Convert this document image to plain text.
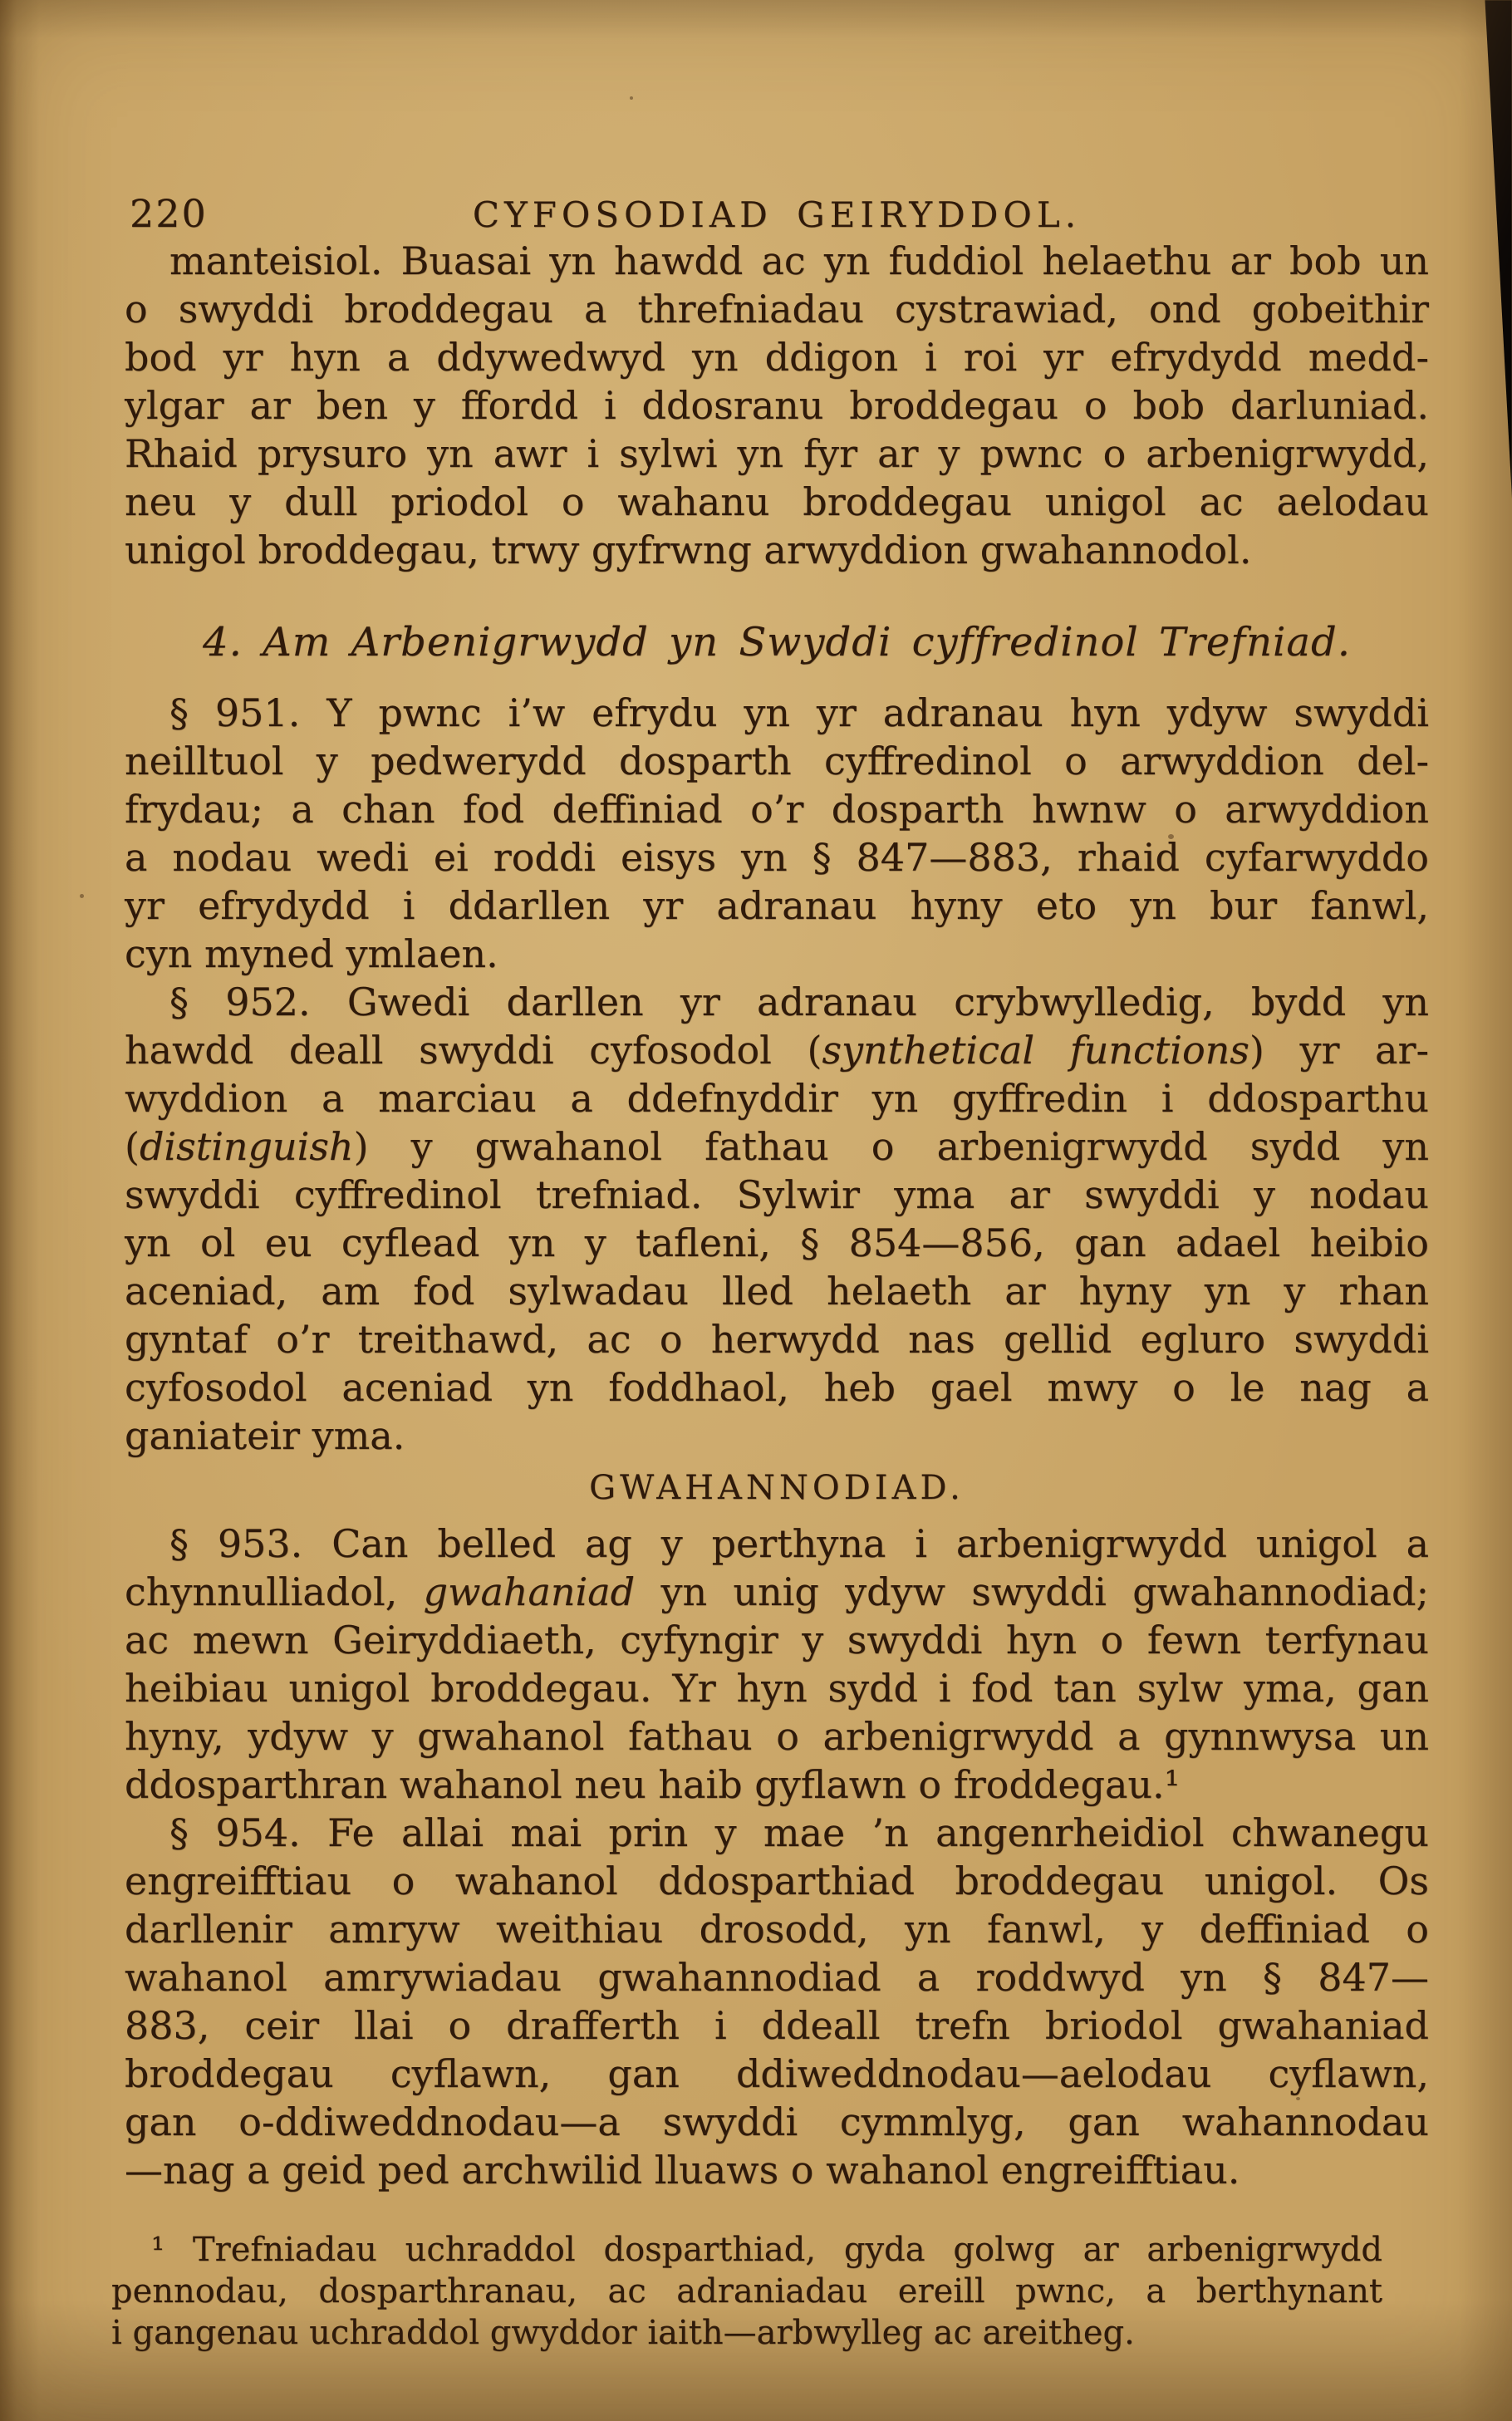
220	CYFOSODIAD GEIRYDDOL.
manteisiol. Buasai yn hawdd ac yn fuddiol helaethu ar bob un
o swyddi broddegau a threfniadau cystrawiad, ond gobeithir
bod yr hyn a ddywedwyd yn ddigon i roi yr efrydydd medd-
ylgar ar ben y ffordd i ddosranu broddegau o bob darluniad.
Rhaid prysuro yn awr i sylwi yn fyr ar y pwnc o arbenigrwydd,
neu y dull priodol o wahanu broddegau unigol ac aelodau
unigol broddegau, trwy gyfrwng arwyddion gwahannodol.
4. Am Arbenigrwydd yn Swyddi cyffredinol Trefniad.
§ 951. Y pwnc i’w efrydu yn yr adranau hyn ydyw swyddi
neilltuol y pedwerydd dosparth cyffredinol o arwyddion del-
frydau; a chan fod deffiniad o’r dosparth hwnw o arwyddion
a nodau wedi ei roddi eisys yn § 847—883, rhaid cyfarwyddo
yr efrydydd i ddarllen yr adranau hyny eto yn bur fanwl,
cyn myned ymlaen.
§ 952. Gwedi darllen yr adranau crybwylledig, bydd yn
hawdd deall swyddi cyfosodol (synthetical functions) yr ar-
wyddion a marciau a ddefnyddir yn gyffredin i ddosparthu
(distinguish) y gwahanol fathau o arbenigrwydd sydd yn
swyddi cyffredinol trefniad. Sylwir yma ar swyddi y nodau
yn ol eu cyflead yn y tafleni, § 854—856, gan adael heibio
aceniad, am fod sylwadau lled helaeth ar hyny yn y rhan
gyntaf o’r treithawd, ac o herwydd nas gellid egluro swyddi
cyfosodol aceniad yn foddhaol, heb gael mwy o le nag a
ganiateir yma.
GWAHANNODIAD.
§ 953. Can belled ag y perthyna i arbenigrwydd unigol a
chynnulliadol, gwahaniad yn unig ydyw swyddi gwahannodiad;
ac mewn Geiryddiaeth, cyfyngir y swyddi hyn o fewn terfynau
heibiau unigol broddegau. Yr hyn sydd i fod tan sylw yma, gan
hyny, ydyw y gwahanol fathau o arbenigrwydd a gynnwysa un
ddosparthran wahanol neu haib gyflawn o froddegau.¹
§ 954. Fe allai mai prin y mae ’n angenrheidiol chwanegu
engreifftiau o wahanol ddosparthiad broddegau unigol. Os
darllenir amryw weithiau drosodd, yn fanwl, y deffiniad o
wahanol amrywiadau gwahannodiad a roddwyd yn § 847—
883, ceir llai o drafferth i ddeall trefn briodol gwahaniad
broddegau cyflawn, gan ddiweddnodau—aelodau cyflawn,
gan o-ddiweddnodau—a swyddi cymmlyg, gan wahannodau
—nag a geid ped archwilid lluaws o wahanol engreifftiau.
¹ Trefniadau uchraddol dosparthiad, gyda golwg ar arbenigrwydd
pennodau, dosparthranau, ac adraniadau ereill pwnc, a berthynant
i gangenau uchraddol gwyddor iaith—arbwylleg ac areitheg.
